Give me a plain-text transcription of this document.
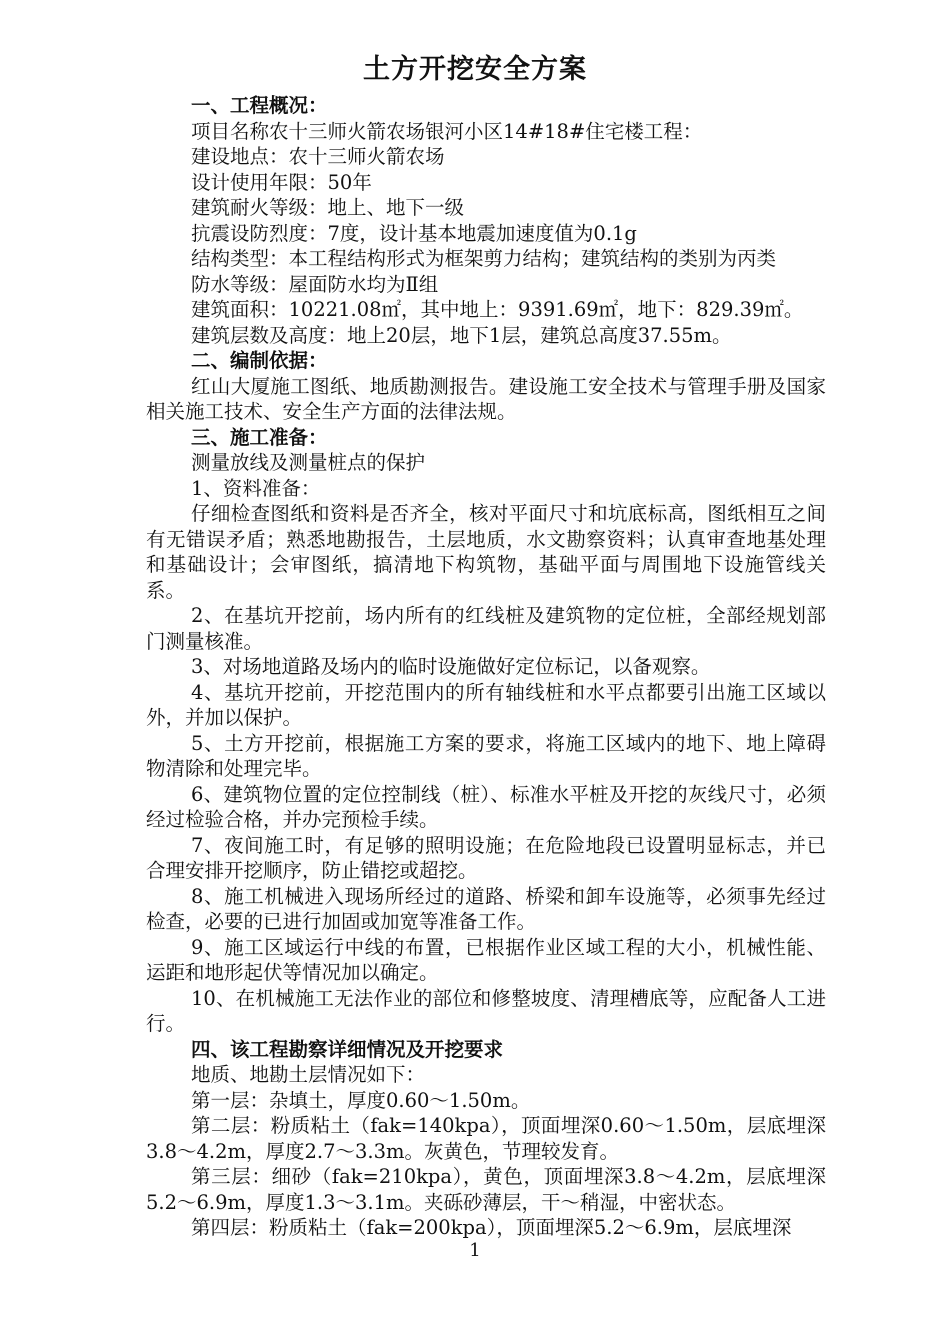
土方开挖安全方案

一、工程概况：

项目名称农十三师火箭农场银河小区14#18#住宅楼工程：

建设地点：农十三师火箭农场

设计使用年限：50年

建筑耐火等级：地上、地下一级

抗震设防烈度：7度，设计基本地震加速度值为0.1g

结构类型：本工程结构形式为框架剪力结构；建筑结构的类别为丙类

防水等级：屋面防水均为Ⅱ组

建筑面积：10221.08㎡，其中地上：9391.69㎡，地下：829.39㎡。

建筑层数及高度：地上20层，地下1层，建筑总高度37.55m。

二、编制依据：

红山大厦施工图纸、地质勘测报告。建设施工安全技术与管理手册及国家相关施工技术、安全生产方面的法律法规。

三、施工准备：

测量放线及测量桩点的保护

1、资料准备：

仔细检查图纸和资料是否齐全，核对平面尺寸和坑底标高，图纸相互之间有无错误矛盾；熟悉地勘报告，土层地质，水文勘察资料；认真审查地基处理和基础设计；会审图纸，搞清地下构筑物，基础平面与周围地下设施管线关系。

2、在基坑开挖前，场内所有的红线桩及建筑物的定位桩，全部经规划部门测量核准。

3、对场地道路及场内的临时设施做好定位标记，以备观察。

4、基坑开挖前，开挖范围内的所有轴线桩和水平点都要引出施工区域以外，并加以保护。

5、土方开挖前，根据施工方案的要求，将施工区域内的地下、地上障碍物清除和处理完毕。

6、建筑物位置的定位控制线（桩）、标准水平桩及开挖的灰线尺寸，必须经过检验合格，并办完预检手续。

7、夜间施工时，有足够的照明设施；在危险地段已设置明显标志，并已合理安排开挖顺序，防止错挖或超挖。

8、施工机械进入现场所经过的道路、桥梁和卸车设施等，必须事先经过检查，必要的已进行加固或加宽等准备工作。

9、施工区域运行中线的布置，已根据作业区域工程的大小，机械性能、运距和地形起伏等情况加以确定。

10、在机械施工无法作业的部位和修整坡度、清理槽底等，应配备人工进行。

四、该工程勘察详细情况及开挖要求

地质、地勘土层情况如下：

第一层：杂填土，厚度0.60～1.50m。

第二层：粉质粘土（fak=140kpa），顶面埋深0.60～1.50m，层底埋深3.8～4.2m，厚度2.7～3.3m。灰黄色，节理较发育。

第三层：细砂（fak=210kpa），黄色，顶面埋深3.8～4.2m，层底埋深5.2～6.9m，厚度1.3～3.1m。夹砾砂薄层，干～稍湿，中密状态。

第四层：粉质粘土（fak=200kpa），顶面埋深5.2～6.9m，层底埋深

1
